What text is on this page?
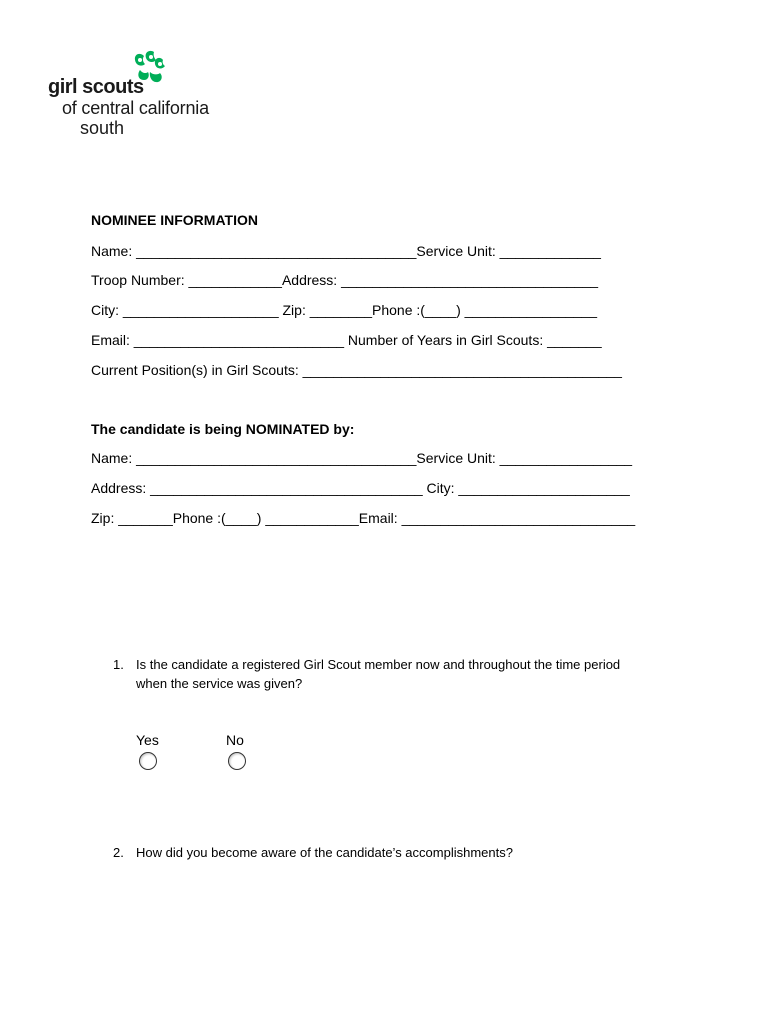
girl scouts
of central california
south
NOMINEE INFORMATION
Name: ____________________________________Service Unit: _____________
Troop Number: ____________Address: _________________________________
City: ____________________ Zip: ________Phone :(____) _________________
Email: ___________________________ Number of Years in Girl Scouts: _______
Current Position(s) in Girl Scouts: _________________________________________
The candidate is being NOMINATED by:
Name: ____________________________________Service Unit: _________________
Address: ___________________________________ City: ______________________
Zip: _______Phone :(____) ____________Email: ______________________________
1. Is the candidate a registered Girl Scout member now and throughout the time period
when the service was given?
Yes	No
2. How did you become aware of the candidate’s accomplishments?
